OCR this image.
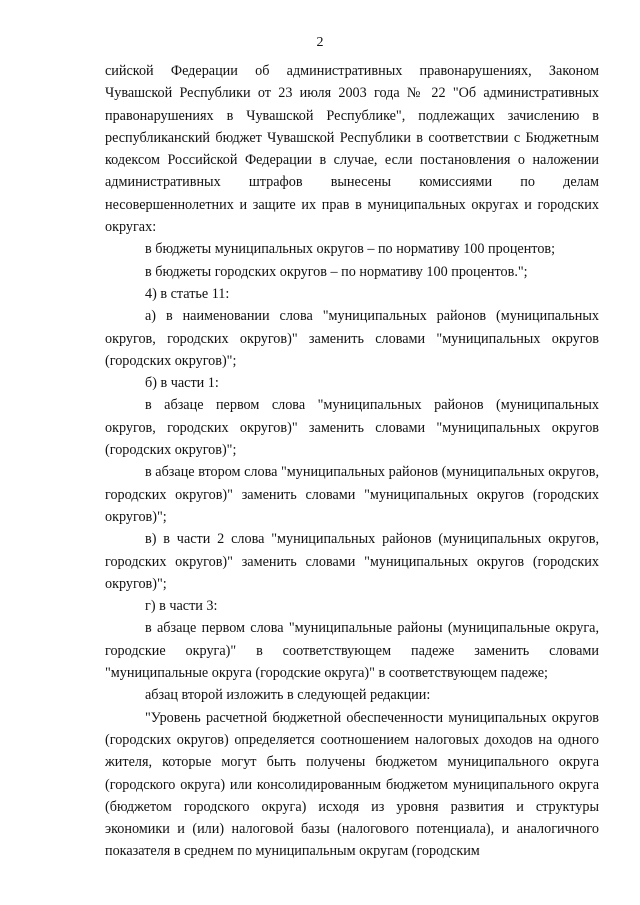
2

сийской Федерации об административных правонарушениях, Законом Чувашской Республики от 23 июля 2003 года № 22 "Об административных правонарушениях в Чувашской Республике", подлежащих зачислению в республиканский бюджет Чувашской Республики в соответствии с Бюджетным кодексом Российской Федерации в случае, если постановления о наложении административных штрафов вынесены комиссиями по делам несовершеннолетних и защите их прав в муниципальных округах и городских округах:

в бюджеты муниципальных округов – по нормативу 100 процентов;

в бюджеты городских округов – по нормативу 100 процентов.";

4) в статье 11:

а) в наименовании слова "муниципальных районов (муниципальных округов, городских округов)" заменить словами "муниципальных округов (городских округов)";

б) в части 1:

в абзаце первом слова "муниципальных районов (муниципальных округов, городских округов)" заменить словами "муниципальных округов (городских округов)";

в абзаце втором слова "муниципальных районов (муниципальных округов, городских округов)" заменить словами "муниципальных округов (городских округов)";

в) в части 2 слова "муниципальных районов (муниципальных округов, городских округов)" заменить словами "муниципальных округов (городских округов)";

г) в части 3:

в абзаце первом слова "муниципальные районы (муниципальные округа, городские округа)" в соответствующем падеже заменить словами "муниципальные округа (городские округа)" в соответствующем падеже;

абзац второй изложить в следующей редакции:

"Уровень расчетной бюджетной обеспеченности муниципальных округов (городских округов) определяется соотношением налоговых доходов на одного жителя, которые могут быть получены бюджетом муниципального округа (городского округа) или консолидированным бюджетом муниципального округа (бюджетом городского округа) исходя из уровня развития и структуры экономики и (или) налоговой базы (налогового потенциала), и аналогичного показателя в среднем по муниципальным округам (городским
